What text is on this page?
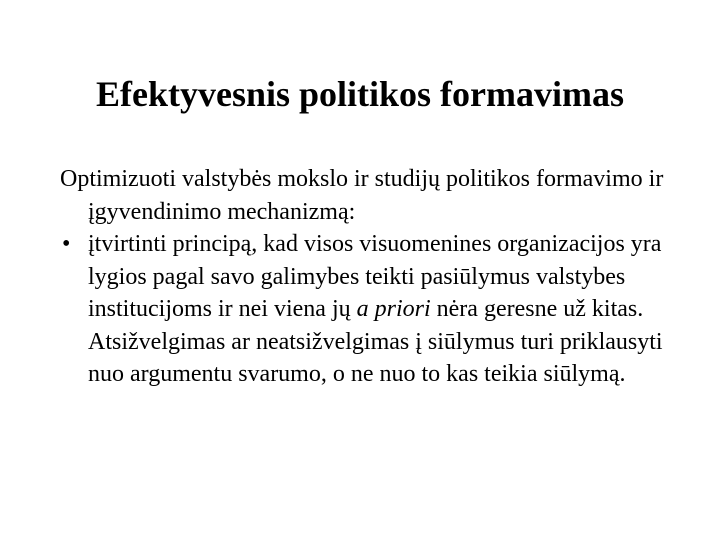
Efektyvesnis politikos formavimas

Optimizuoti valstybės mokslo ir studijų politikos formavimo ir įgyvendinimo mechanizmą:

• įtvirtinti principą, kad visos visuomenines organizacijos yra lygios pagal savo galimybes teikti pasiūlymus valstybes institucijoms ir nei viena jų a priori nėra geresne už kitas. Atsižvelgimas ar neatsižvelgimas į siūlymus turi priklausyti nuo argumentu svarumo, o ne nuo to kas teikia siūlymą.
